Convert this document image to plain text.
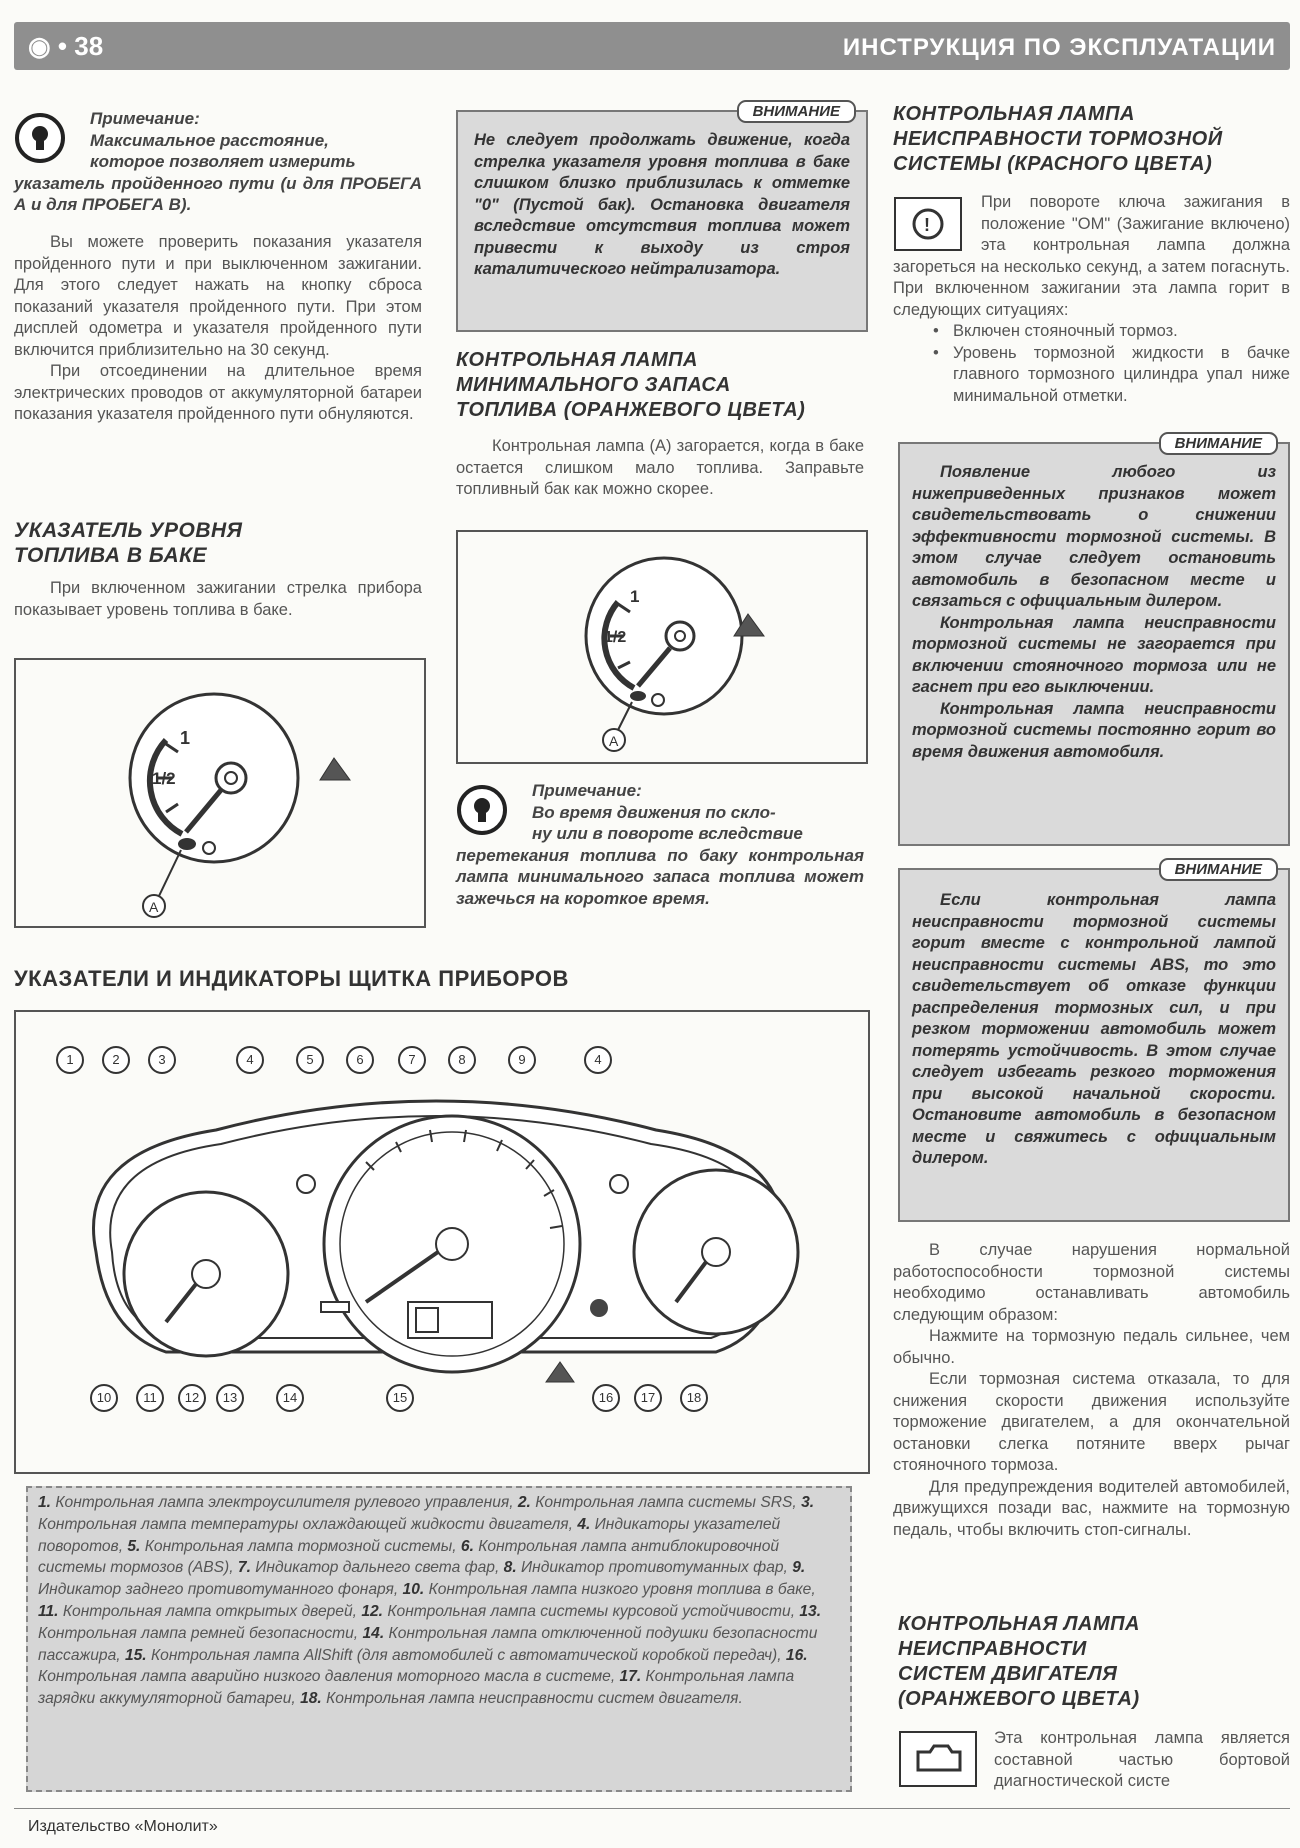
◉ • 38	ИНСТРУКЦИЯ ПО ЭКСПЛУАТАЦИИ
Примечание:
Максимальное расстояние,
которое позволяет измерить
указатель пройденного пути (и для ПРОБЕГА А и для ПРОБЕГА В).

Вы можете проверить показания указателя пройденного пути и при выключенном зажигании. Для этого следует нажать на кнопку сброса показаний указателя пройденного пути. При этом дисплей одометра и указателя пройденного пути включится приблизительно на 30 секунд.

При отсоединении на длительное время электрических проводов от аккумуляторной батареи показания указателя пройденного пути обнуляются.

УКАЗАТЕЛЬ УРОВНЯ
ТОПЛИВА В БАКЕ

При включенном зажигании стрелка прибора показывает уровень топлива в баке.

1
1/2
A
ВНИМАНИЕ
Не следует продолжать движение, когда стрелка указателя уровня топлива в баке слишком близко приблизилась к отметке "0" (Пустой бак). Остановка двигателя вследствие отсутствия топлива может привести к выходу из строя каталитического нейтрализатора.
КОНТРОЛЬНАЯ ЛАМПА
МИНИМАЛЬНОГО ЗАПАСА
ТОПЛИВА (ОРАНЖЕВОГО ЦВЕТА)

Контрольная лампа (А) загорается, когда в баке остается слишком мало топлива. Заправьте топливный бак как можно скорее.

1
1/2
A
Примечание:
Во время движения по скло-
ну или в повороте вследствие
перетекания топлива по баку контрольная лампа минимального запаса топлива может зажечься на короткое время.
УКАЗАТЕЛИ И ИНДИКАТОРЫ ЩИТКА ПРИБОРОВ
1	2	3	4	5	6	7	8	9	4
10	11	12	13	14	15	16	17	18
1. Контрольная лампа электроусилителя рулевого управления, 2. Контрольная лампа системы SRS, 3. Контрольная лампа температуры охлаждающей жидкости двигателя, 4. Индикаторы указателей поворотов, 5. Контрольная лампа тормозной системы, 6. Контрольная лампа антиблокировочной системы тормозов (ABS), 7. Индикатор дальнего света фар, 8. Индикатор противотуманных фар, 9. Индикатор заднего противотуманного фонаря, 10. Контрольная лампа низкого уровня топлива в баке, 11. Контрольная лампа открытых дверей, 12. Контрольная лампа системы курсовой устойчивости, 13. Контрольная лампа ремней безопасности, 14. Контрольная лампа отключенной подушки безопасности пассажира, 15. Контрольная лампа AllShift (для автомобилей с автоматической коробкой передач), 16. Контрольная лампа аварийно низкого давления моторного масла в системе, 17. Контрольная лампа зарядки аккумуляторной батареи, 18. Контрольная лампа неисправности систем двигателя.
КОНТРОЛЬНАЯ ЛАМПА
НЕИСПРАВНОСТИ ТОРМОЗНОЙ
СИСТЕМЫ (КРАСНОГО ЦВЕТА)
!
При повороте ключа зажигания в положение "ОМ" (Зажигание включено) эта контрольная лампа должна загореться на несколько секунд, а затем погаснуть. При включенном зажигании эта лампа горит в следующих ситуациях:
• Включен стояночный тормоз.
• Уровень тормозной жидкости в бачке главного тормозного цилиндра упал ниже минимальной отметки.
ВНИМАНИЕ

Появление любого из нижеприведенных признаков может свидетельствовать о снижении эффективности тормозной системы. В этом случае следует остановить автомобиль в безопасном месте и связаться с официальным дилером.

Контрольная лампа неисправности тормозной системы не загорается при включении стояночного тормоза или не гаснет при его выключении.

Контрольная лампа неисправности тормозной системы постоянно горит во время движения автомобиля.

ВНИМАНИЕ
Если контрольная лампа неисправности тормозной системы горит вместе с контрольной лампой неисправности системы ABS, то это свидетельствует об отказе функции распределения тормозных сил, и при резком торможении автомобиль может потерять устойчивость. В этом случае следует избегать резкого торможения при высокой начальной скорости. Остановите автомобиль в безопасном месте и свяжитесь с официальным дилером.

В случае нарушения нормальной работоспособности тормозной системы необходимо останавливать автомобиль следующим образом:

Нажмите на тормозную педаль сильнее, чем обычно.

Если тормозная система отказала, то для снижения скорости движения используйте торможение двигателем, а для окончательной остановки слегка потяните вверх рычаг стояночного тормоза.

Для предупреждения водителей автомобилей, движущихся позади вас, нажмите на тормозную педаль, чтобы включить стоп-сигналы.

КОНТРОЛЬНАЯ ЛАМПА
НЕИСПРАВНОСТИ
СИСТЕМ ДВИГАТЕЛЯ
(ОРАНЖЕВОГО ЦВЕТА)
Эта контрольная лампа является составной частью бортовой диагностической систе
Издательство «Монолит»
